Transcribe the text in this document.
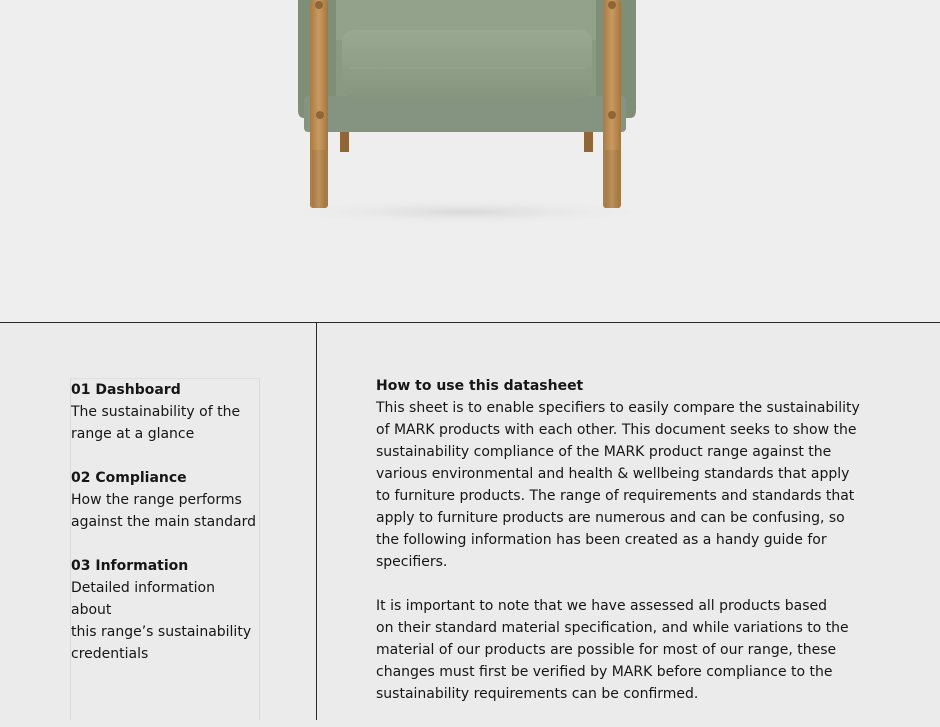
01 Dashboard
The sustainability of the
range at a glance
02 Compliance
How the range performs
against the main standard
03 Information
Detailed information about
this range’s sustainability
credentials
How to use this datasheet

This sheet is to enable specifiers to easily compare the sustainability
of MARK products with each other. This document seeks to show the
sustainability compliance of the MARK product range against the
various environmental and health & wellbeing standards that apply
to furniture products. The range of requirements and standards that
apply to furniture products are numerous and can be confusing, so
the following information has been created as a handy guide for
specifiers.

It is important to note that we have assessed all products based
on their standard material specification, and while variations to the
material of our products are possible for most of our range, these
changes must first be verified by MARK before compliance to the
sustainability requirements can be confirmed.
